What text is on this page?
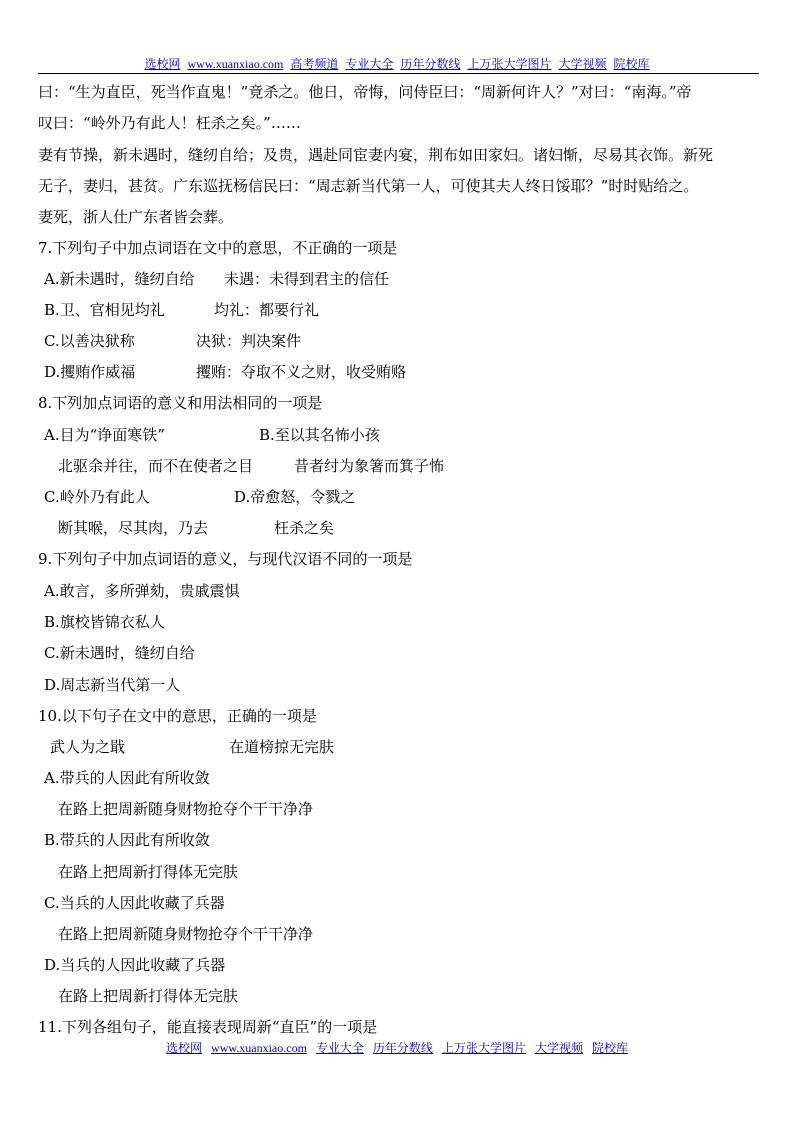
选校网 www.xuanxiao.com 高考频道 专业大全 历年分数线 上万张大学图片 大学视频 院校库
曰：“生为直臣，死当作直鬼！”竟杀之。他日，帝悔，问侍臣曰：“周新何许人？”对曰：“南海。”帝
叹曰：“岭外乃有此人！枉杀之矣。”……
妻有节操，新未遇时，缝纫自给；及贵，遇赴同宦妻内宴，荆布如田家妇。诸妇惭，尽易其衣饰。新死
无子，妻归，甚贫。广东巡抚杨信民曰：“周志新当代第一人，可使其夫人终日馁耶？”时时贴给之。
妻死，浙人仕广东者皆会葬。
7.下列句子中加点词语在文中的意思，不正确的一项是
A.新未遇时，缝纫自给 未遇：未得到君主的信任
B.卫、官相见均礼	均礼：都要行礼
C.以善决狱称	决狱：判决案件
D.攫贿作威福	攫贿：夺取不义之财，收受贿赂
8.下列加点词语的意义和用法相同的一项是
A.目为“诤面寒铁”	B.至以其名怖小孩
北驱余并往，而不在使者之目	昔者纣为象箸而箕子怖
C.岭外乃有此人	D.帝愈怒，令戮之
断其喉，尽其肉，乃去	枉杀之矣
9.下列句子中加点词语的意义，与现代汉语不同的一项是
A.敢言，多所弹劾，贵戚震惧
B.旗校皆锦衣私人
C.新未遇时，缝纫自给
D.周志新当代第一人
10.以下句子在文中的意思，正确的一项是
武人为之戢	在道榜掠无完肤
A.带兵的人因此有所收敛
在路上把周新随身财物抢夺个干干净净
B.带兵的人因此有所收敛
在路上把周新打得体无完肤
C.当兵的人因此收藏了兵器
在路上把周新随身财物抢夺个干干净净
D.当兵的人因此收藏了兵器
在路上把周新打得体无完肤
11.下列各组句子，能直接表现周新“直臣”的一项是
选校网 www.xuanxiao.com 专业大全 历年分数线 上万张大学图片 大学视频 院校库
